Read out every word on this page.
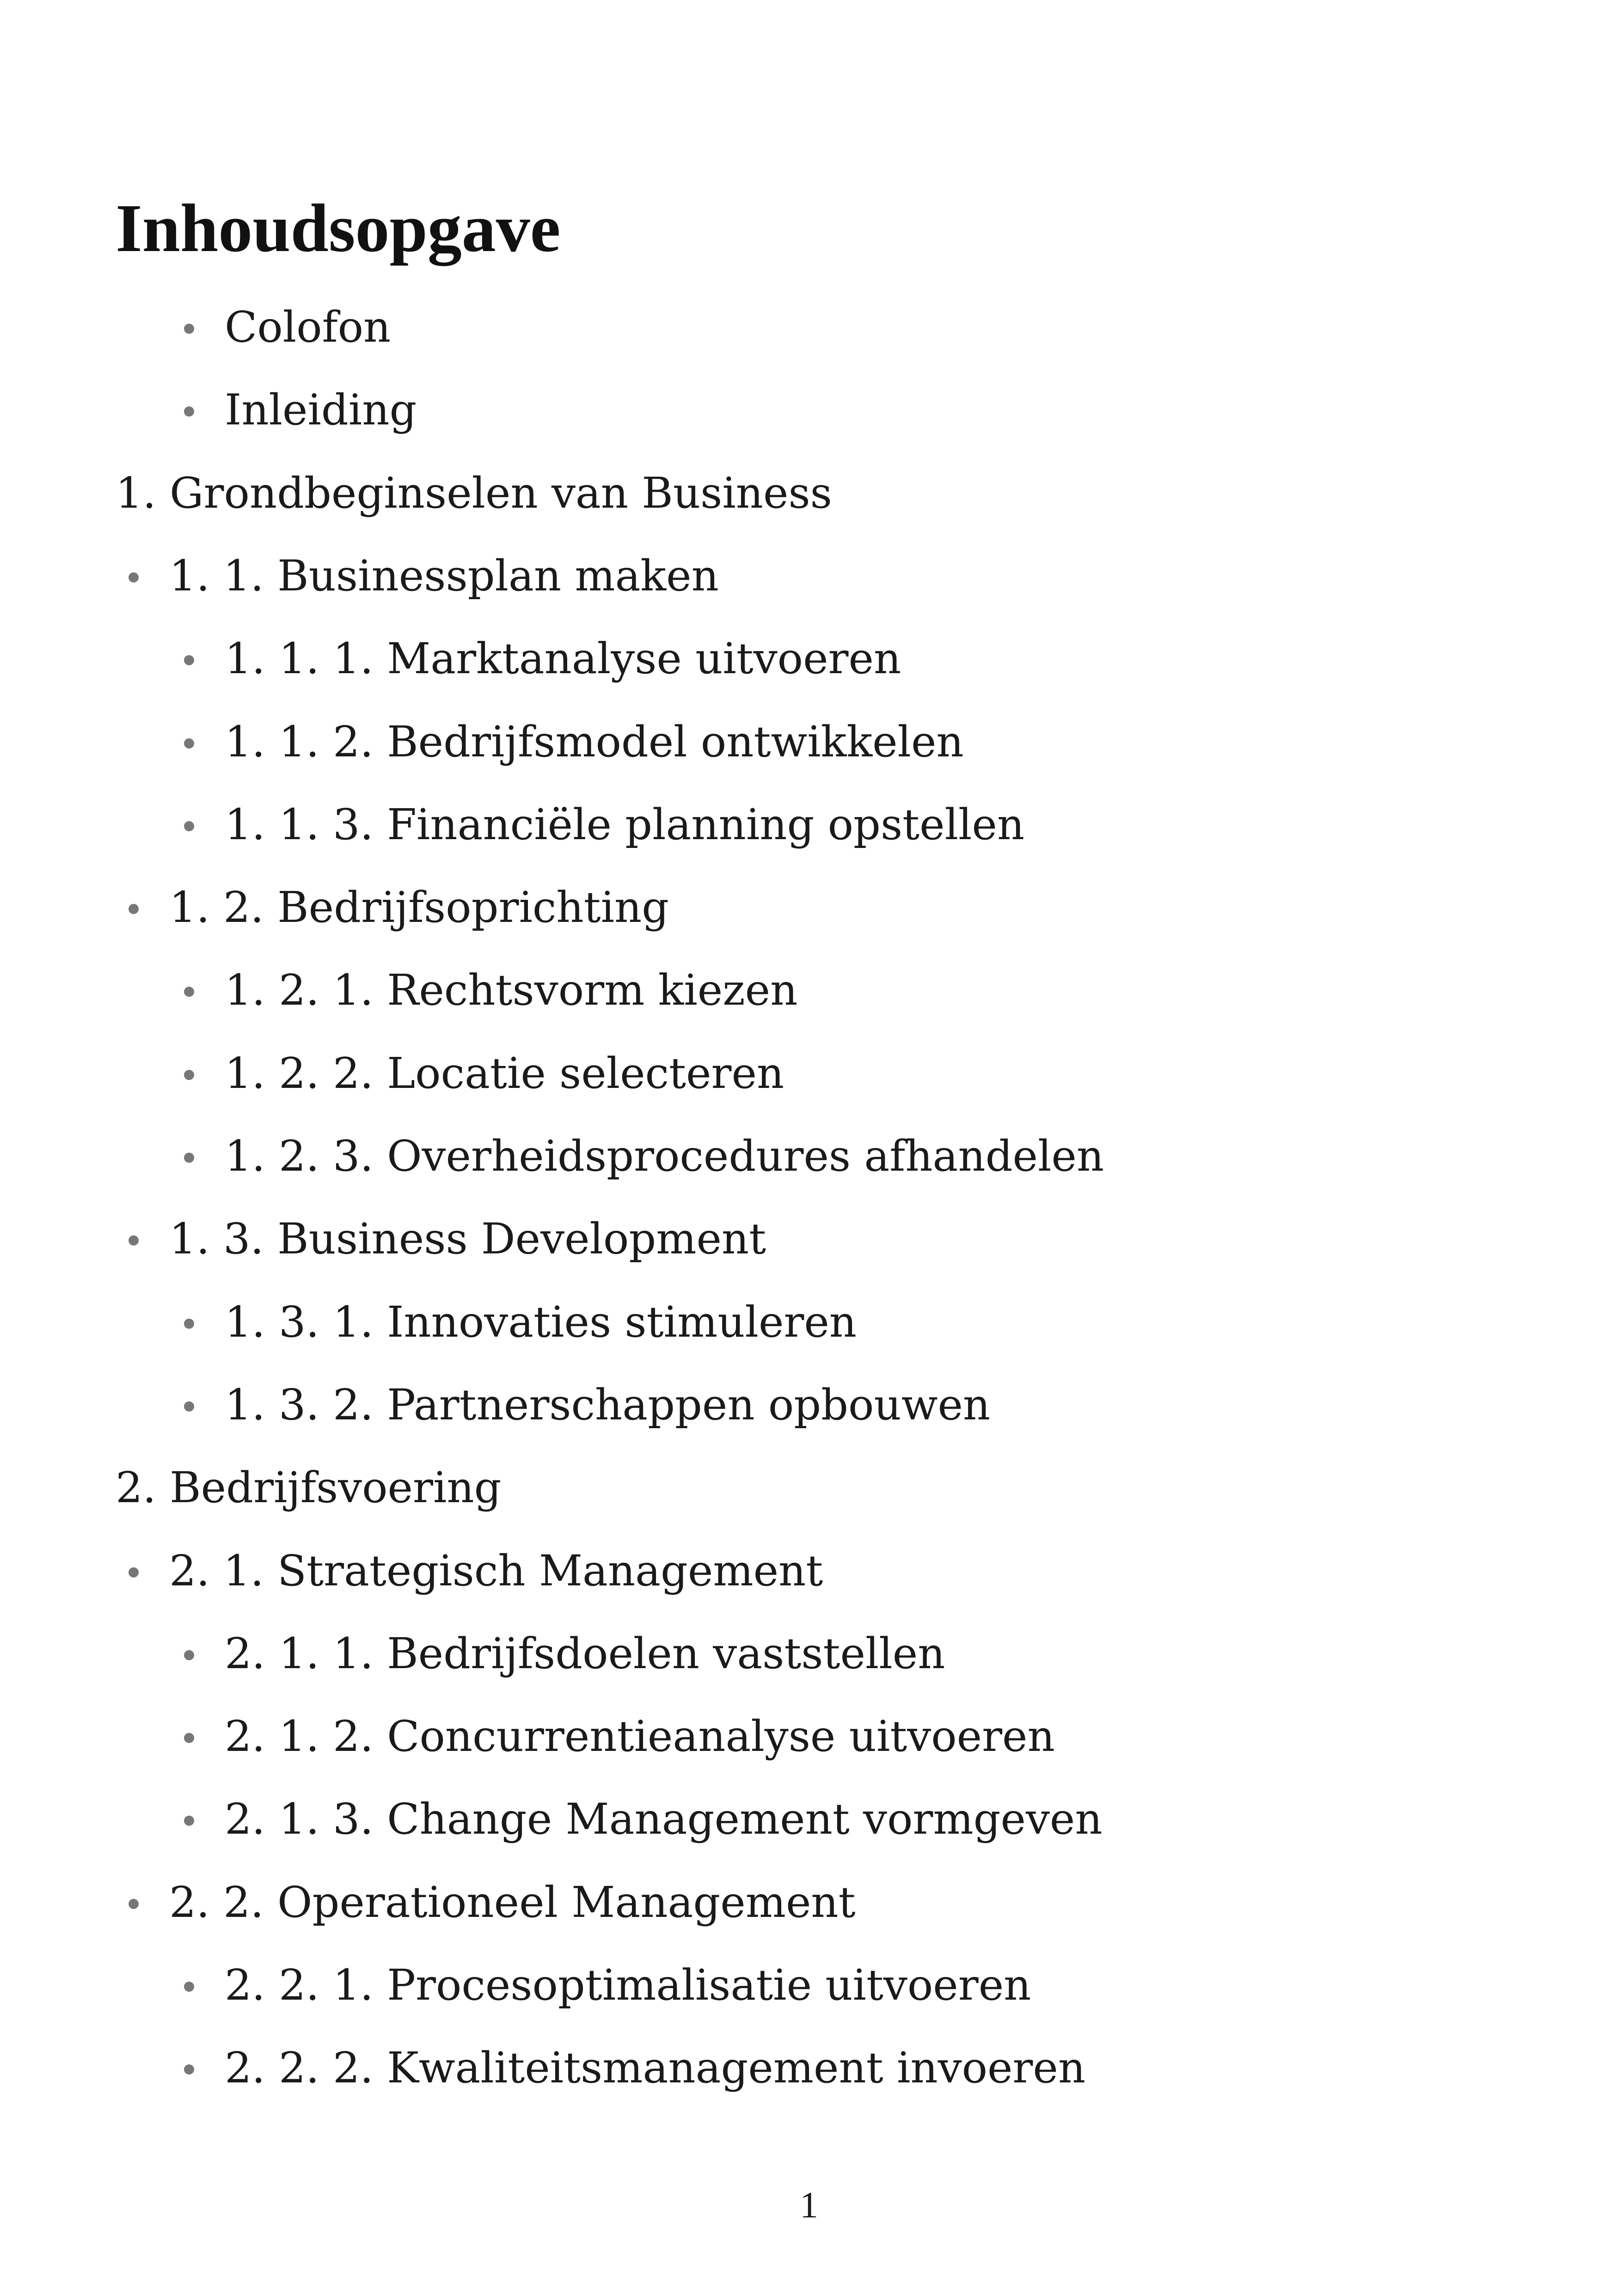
Inhoudsopgave
Colofon
Inleiding
1. Grondbeginselen van Business
1. 1. Businessplan maken
1. 1. 1. Marktanalyse uitvoeren
1. 1. 2. Bedrijfsmodel ontwikkelen
1. 1. 3. Financiële planning opstellen
1. 2. Bedrijfsoprichting
1. 2. 1. Rechtsvorm kiezen
1. 2. 2. Locatie selecteren
1. 2. 3. Overheidsprocedures afhandelen
1. 3. Business Development
1. 3. 1. Innovaties stimuleren
1. 3. 2. Partnerschappen opbouwen
2. Bedrijfsvoering
2. 1. Strategisch Management
2. 1. 1. Bedrijfsdoelen vaststellen
2. 1. 2. Concurrentieanalyse uitvoeren
2. 1. 3. Change Management vormgeven
2. 2. Operationeel Management
2. 2. 1. Procesoptimalisatie uitvoeren
2. 2. 2. Kwaliteitsmanagement invoeren
1
